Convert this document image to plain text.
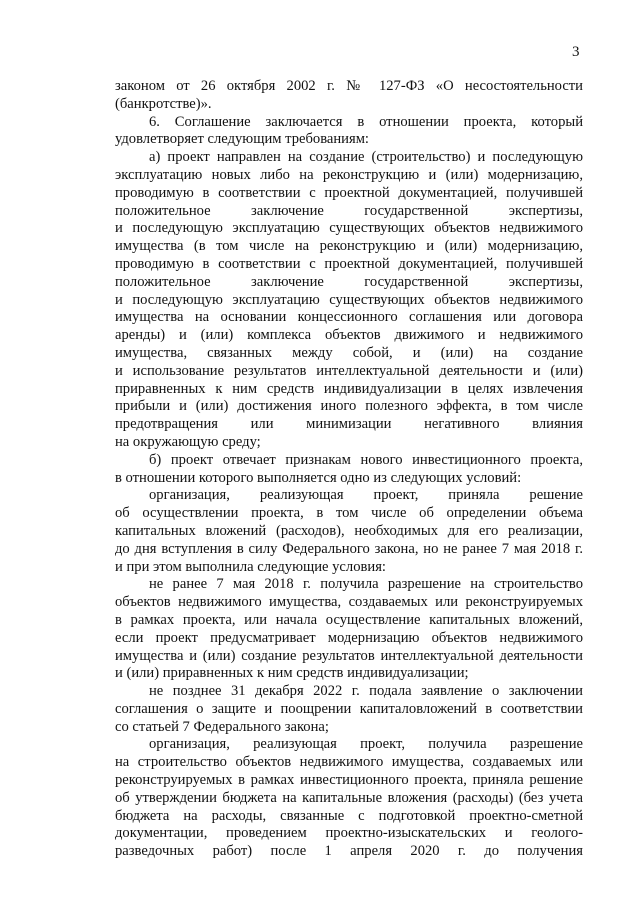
3
законом от 26 октября 2002 г. № 127-ФЗ «О несостоятельности
(банкротстве)».
6. Соглашение заключается в отношении проекта, который
удовлетворяет следующим требованиям:
а) проект направлен на создание (строительство) и последующую
эксплуатацию новых либо на реконструкцию и (или) модернизацию,
проводимую в соответствии с проектной документацией, получившей
положительное заключение государственной экспертизы,
и последующую эксплуатацию существующих объектов недвижимого
имущества (в том числе на реконструкцию и (или) модернизацию,
проводимую в соответствии с проектной документацией, получившей
положительное заключение государственной экспертизы,
и последующую эксплуатацию существующих объектов недвижимого
имущества на основании концессионного соглашения или договора
аренды) и (или) комплекса объектов движимого и недвижимого
имущества, связанных между собой, и (или) на создание
и использование результатов интеллектуальной деятельности и (или)
приравненных к ним средств индивидуализации в целях извлечения
прибыли и (или) достижения иного полезного эффекта, в том числе
предотвращения или минимизации негативного влияния
на окружающую среду;
б) проект отвечает признакам нового инвестиционного проекта,
в отношении которого выполняется одно из следующих условий:
организация, реализующая проект, приняла решение
об осуществлении проекта, в том числе об определении объема
капитальных вложений (расходов), необходимых для его реализации,
до дня вступления в силу Федерального закона, но не ранее 7 мая 2018 г.
и при этом выполнила следующие условия:
не ранее 7 мая 2018 г. получила разрешение на строительство
объектов недвижимого имущества, создаваемых или реконструируемых
в рамках проекта, или начала осуществление капитальных вложений,
если проект предусматривает модернизацию объектов недвижимого
имущества и (или) создание результатов интеллектуальной деятельности
и (или) приравненных к ним средств индивидуализации;
не позднее 31 декабря 2022 г. подала заявление о заключении
соглашения о защите и поощрении капиталовложений в соответствии
со статьей 7 Федерального закона;
организация, реализующая проект, получила разрешение
на строительство объектов недвижимого имущества, создаваемых или
реконструируемых в рамках инвестиционного проекта, приняла решение
об утверждении бюджета на капитальные вложения (расходы) (без учета
бюджета на расходы, связанные с подготовкой проектно-сметной
документации, проведением проектно-изыскательских и геолого-
разведочных работ) после 1 апреля 2020 г. до получения
